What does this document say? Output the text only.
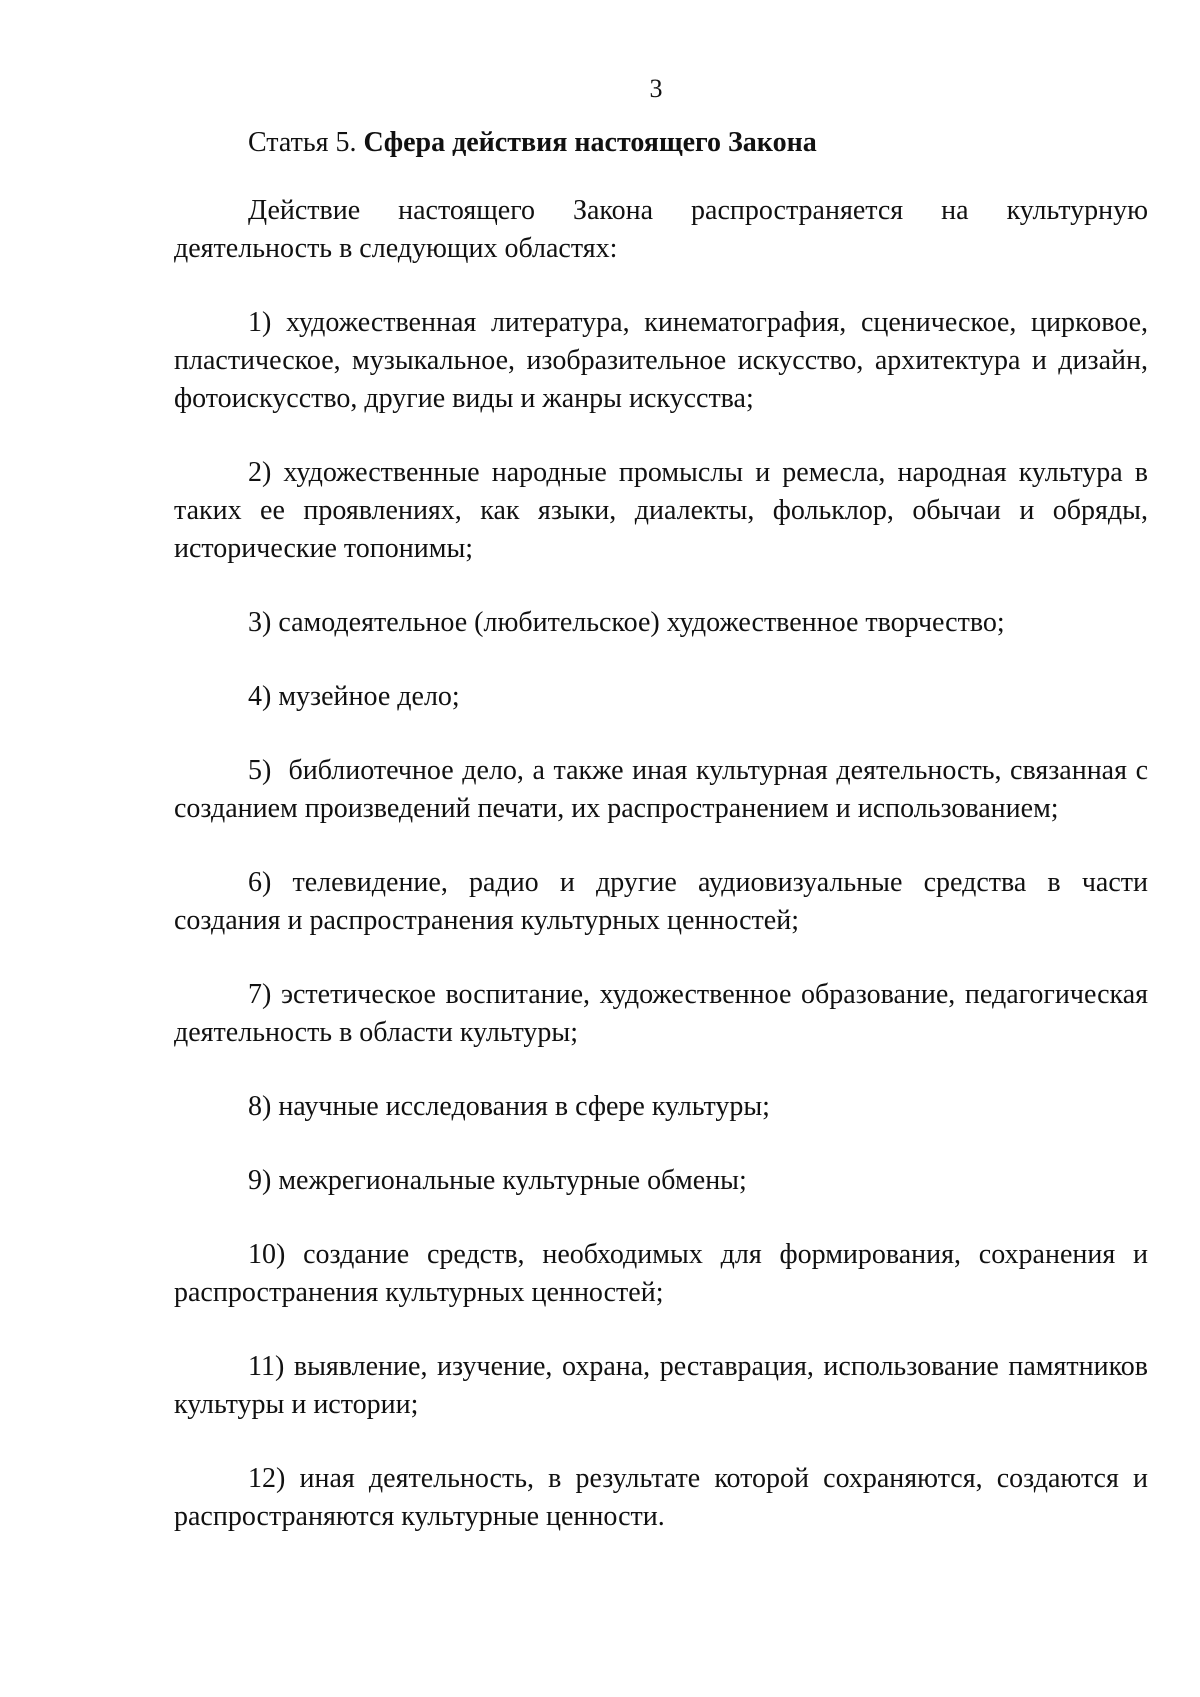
3

Статья 5. Сфера действия настоящего Закона

Действие настоящего Закона распространяется на культурную деятельность в следующих областях:

1) художественная литература, кинематография, сценическое, цирковое, пластическое, музыкальное, изобразительное искусство, архитектура и дизайн, фотоискусство, другие виды и жанры искусства;

2) художественные народные промыслы и ремесла, народная культура в таких ее проявлениях, как языки, диалекты, фольклор, обычаи и обряды, исторические топонимы;

3) самодеятельное (любительское) художественное творчество;

4) музейное дело;

5)  библиотечное дело, а также иная культурная деятельность, связанная с созданием произведений печати, их распространением и использованием;

6) телевидение, радио и другие аудиовизуальные средства в части создания и распространения культурных ценностей;

7) эстетическое воспитание, художественное образование, педагогическая деятельность в области культуры;

8) научные исследования в сфере культуры;

9) межрегиональные культурные обмены;

10) создание средств, необходимых для формирования, сохранения и распространения культурных ценностей;

11) выявление, изучение, охрана, реставрация, использование памятников культуры и истории;

12) иная деятельность, в результате которой сохраняются, создаются и распространяются культурные ценности.
